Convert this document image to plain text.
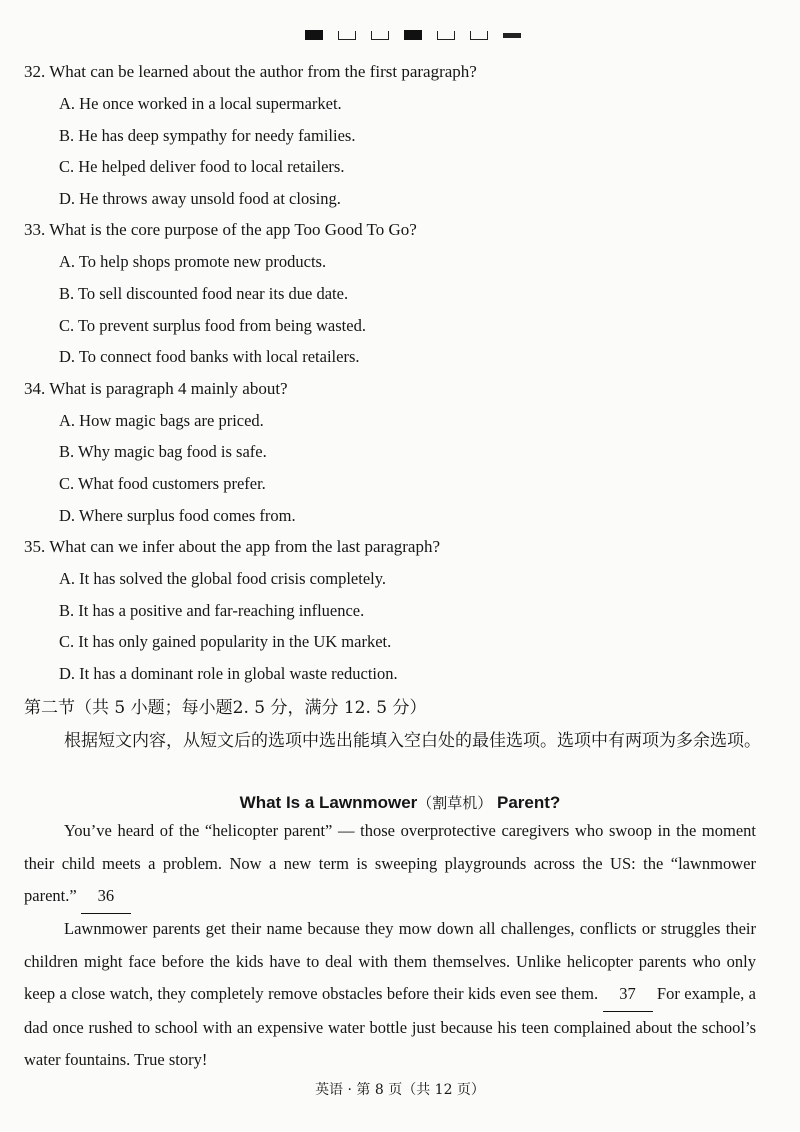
32. What can be learned about the author from the first paragraph?
A. He once worked in a local supermarket.
B. He has deep sympathy for needy families.
C. He helped deliver food to local retailers.
D. He throws away unsold food at closing.
33. What is the core purpose of the app Too Good To Go?
A. To help shops promote new products.
B. To sell discounted food near its due date.
C. To prevent surplus food from being wasted.
D. To connect food banks with local retailers.
34. What is paragraph 4 mainly about?
A. How magic bags are priced.
B. Why magic bag food is safe.
C. What food customers prefer.
D. Where surplus food comes from.
35. What can we infer about the app from the last paragraph?
A. It has solved the global food crisis completely.
B. It has a positive and far-reaching influence.
C. It has only gained popularity in the UK market.
D. It has a dominant role in global waste reduction.
第二节（共 5 小题；每小题2. 5 分，满分 12. 5 分）
根据短文内容，从短文后的选项中选出能填入空白处的最佳选项。选项中有两项为多余选项。
What Is a Lawnmower（割草机） Parent?
You’ve heard of the “helicopter parent” — those overprotective caregivers who swoop in the moment their child meets a problem. Now a new term is sweeping playgrounds across the US: the “lawnmower parent.” 36
Lawnmower parents get their name because they mow down all challenges, conflicts or struggles their children might face before the kids have to deal with them themselves. Unlike helicopter parents who only keep a close watch, they completely remove obstacles before their kids even see them. 37 For example, a dad once rushed to school with an expensive water bottle just because his teen complained about the school’s water fountains. True story!
英语 · 第 8 页（共 12 页）
